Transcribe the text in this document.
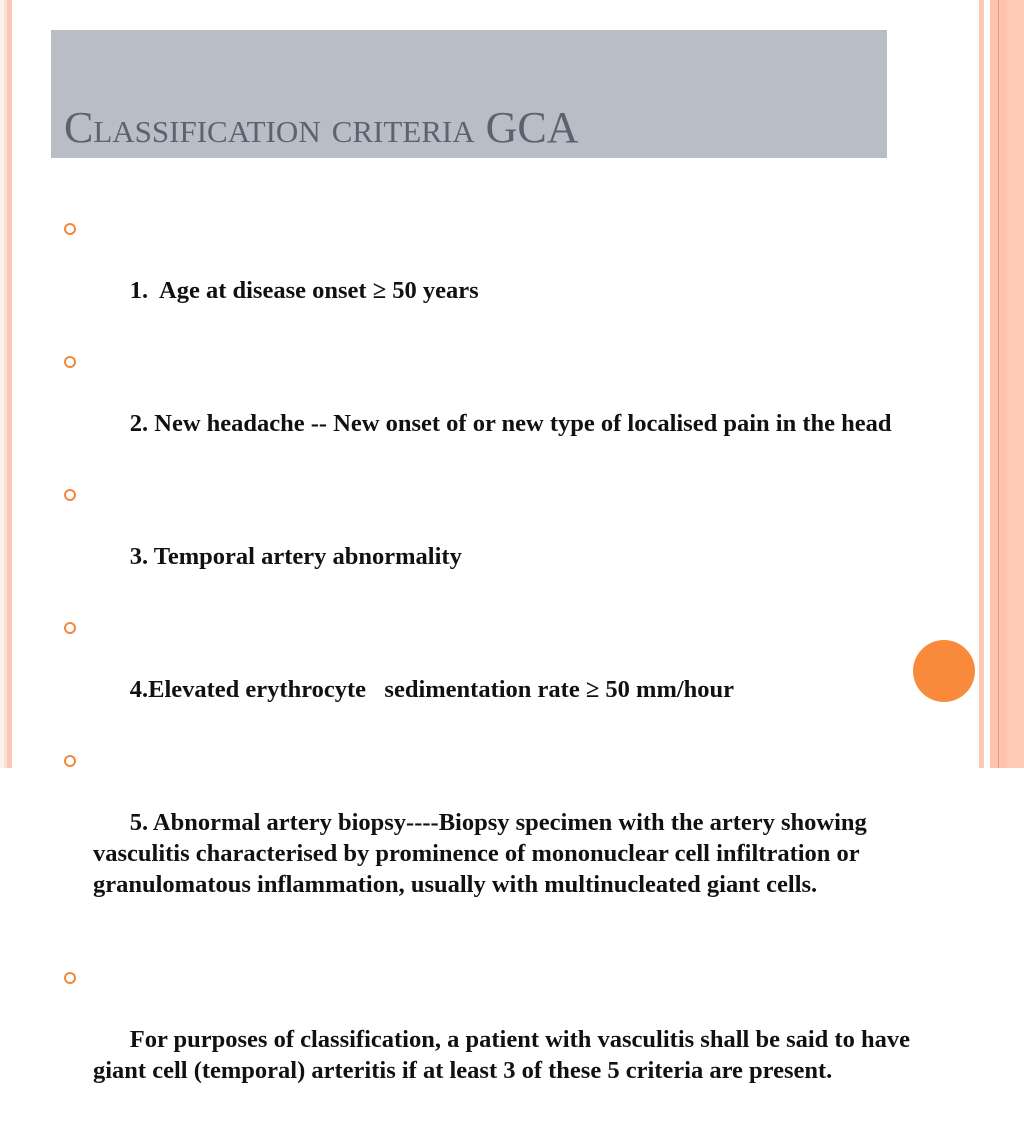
Classification criteria GCA

1.  Age at disease onset ≥ 50 years

2. New headache -- New onset of or new type of localised pain in the head

3. Temporal artery abnormality

4.Elevated erythrocyte   sedimentation rate ≥ 50 mm/hour

5. Abnormal artery biopsy----Biopsy specimen with the artery showing vasculitis characterised by prominence of mononuclear cell infiltration or granulomatous inflammation, usually with multinucleated giant cells.

For purposes of classification, a patient with vasculitis shall be said to have giant cell (temporal) arteritis if at least 3 of these 5 criteria are present.
